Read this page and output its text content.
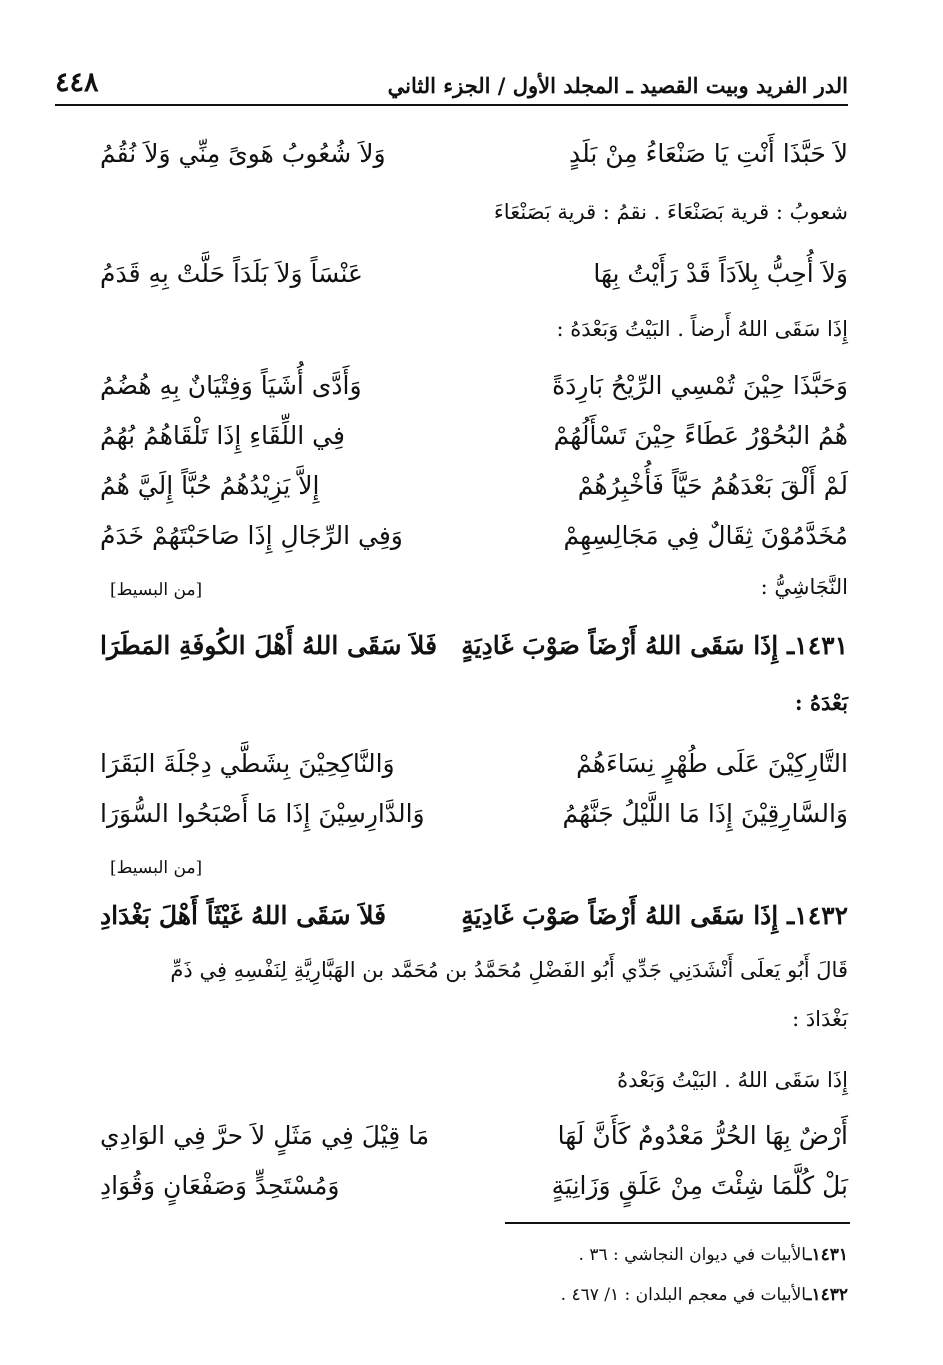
الدر الفريد وبيت القصيد ـ المجلد الأول / الجزء الثاني
٤٤٨
لاَ حَبَّذَا أَنْتِ يَا صَنْعَاءُ مِنْ بَلَدٍ
وَلاَ شُعُوبُ هَوىً مِنِّي وَلاَ نُقُمُ
شعوبُ : قرية بَصَنْعَاءَ . نقمُ : قرية بَصَنْعَاءَ
وَلاَ أُحِبُّ بِلاَدَاً قَدْ رَأَيْتُ بِهَا
عَنْسَاً وَلاَ بَلَدَاً حَلَّتْ بِهِ قَدَمُ
إِذَا سَقَى اللهُ أَرضاً . البَيْتُ وَبَعْدَهُ :
وَحَبَّذَا حِيْنَ تُمْسِي الرِّيْحُ بَارِدَةً
وَأَدَّى أُشَيَاً وَفِتْيَانٌ بِهِ هُضُمُ
هُمُ البُحُوْرُ عَطَاءً حِيْنَ تَسْأَلُهُمْ
فِي اللِّقَاءِ إِذَا تَلْقَاهُمُ بُهُمُ
لَمْ أَلْقَ بَعْدَهُمُ حَيَّاً فَأُخْبِرُهُمْ
إِلاَّ يَزِيْدُهُمُ حُبَّاً إِلَيَّ هُمُ
مُخَدَّمُوْنَ ثِقَالٌ فِي مَجَالِسِهِمْ
وَفِي الرِّجَالِ إِذَا صَاحَبْتَهُمْ خَدَمُ
النَّجَاشِيُّ :
[من البسيط]
١٤٣١ـ إِذَا سَقَى اللهُ أَرْضَاً صَوْبَ غَادِيَةٍ
فَلاَ سَقَى اللهُ أَهْلَ الكُوفَةِ المَطَرَا
بَعْدَهُ :
التَّارِكِيْنَ عَلَى طُهْرٍ نِسَاءَهُمْ
وَالنَّاكِحِيْنَ بِشَطَّي دِجْلَةَ البَقَرَا
وَالسَّارِقِيْنَ إِذَا مَا اللَّيْلُ جَنَّهُمُ
وَالدَّارِسِيْنَ إِذَا مَا أَصْبَحُوا السُّوَرَا
[من البسيط]
١٤٣٢ـ إِذَا سَقَى اللهُ أَرْضَاً صَوْبَ غَادِيَةٍ
فَلاَ سَقَى اللهُ غَيْثَاً أَهْلَ بَغْدَادِ
قَالَ أَبُو يَعلَى أَنْشَدَنِي جَدِّي أَبُو الفَضْلِ مُحَمَّدُ بن مُحَمَّد بن الهَبَّارِيَّةِ لِنَفْسِهِ فِي ذَمِّ
بَغْدَادَ :
إِذَا سَقَى اللهُ . البَيْتُ وَبَعْدهُ
أَرْضٌ بِهَا الحُرُّ مَعْدُومٌ كَأَنَّ لَهَا
مَا قِيْلَ فِي مَثَلٍ لاَ حرَّ فِي الوَادِي
بَلْ كُلَّمَا شِئْتَ مِنْ عَلَقٍ وَزَانِيَةٍ
وَمُسْتَحِدٍّ وَصَفْعَانٍ وَقُوَادِ
١٤٣١ـالأبيات في ديوان النجاشي : ٣٦ .
١٤٣٢ـالأبيات في معجم البلدان : ١/ ٤٦٧ .
